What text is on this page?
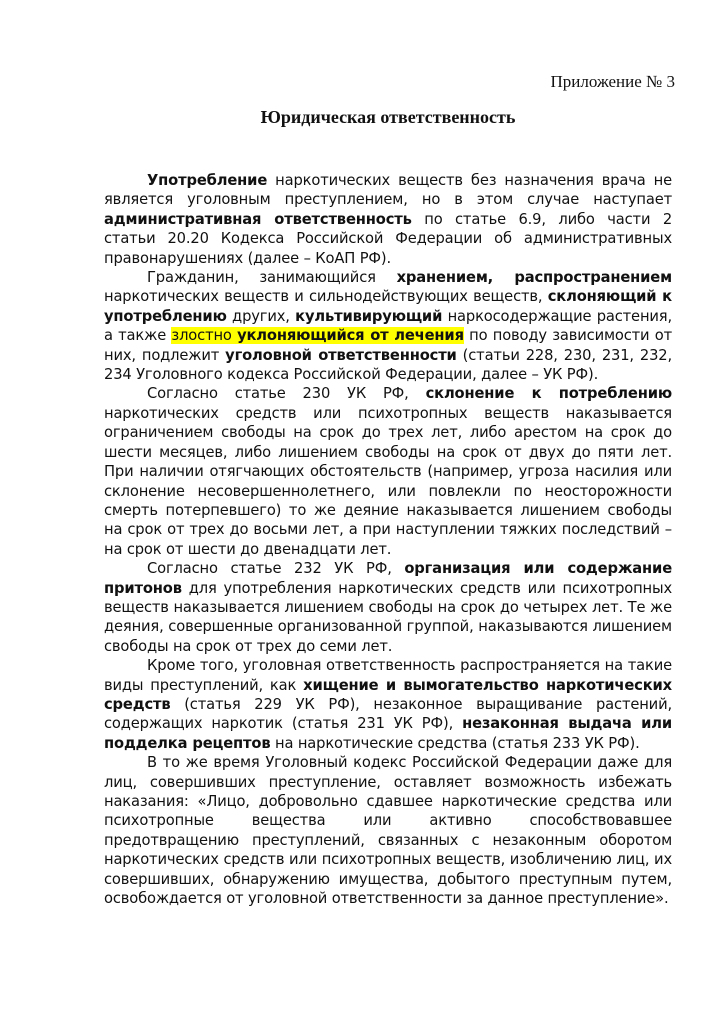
Приложение № 3
Юридическая ответственность

Употребление наркотических веществ без назначения врача не является уголовным преступлением, но в этом случае наступает административная ответственность по статье 6.9, либо части 2 статьи 20.20 Кодекса Российской Федерации об административных правонарушениях (далее – КоАП РФ).

Гражданин, занимающийся хранением, распространением наркотических веществ и сильнодействующих веществ, склоняющий к употреблению других, культивирующий наркосодержащие растения, а также злостно уклоняющийся от лечения по поводу зависимости от них, подлежит уголовной ответственности (статьи 228, 230, 231, 232, 234 Уголовного кодекса Российской Федерации, далее – УК РФ).

Согласно статье 230 УК РФ, склонение к потреблению наркотических средств или психотропных веществ наказывается ограничением свободы на срок до трех лет, либо арестом на срок до шести месяцев, либо лишением свободы на срок от двух до пяти лет. При наличии отягчающих обстоятельств (например, угроза насилия или склонение несовершеннолетнего, или повлекли по неосторожности смерть потерпевшего) то же деяние наказывается лишением свободы на срок от трех до восьми лет, а при наступлении тяжких последствий – на срок от шести до двенадцати лет.

Согласно статье 232 УК РФ, организация или содержание притонов для употребления наркотических средств или психотропных веществ наказывается лишением свободы на срок до четырех лет. Те же деяния, совершенные организованной группой, наказываются лишением свободы на срок от трех до семи лет.

Кроме того, уголовная ответственность распространяется на такие виды преступлений, как хищение и вымогательство наркотических средств (статья 229 УК РФ), незаконное выращивание растений, содержащих наркотик (статья 231 УК РФ), незаконная выдача или подделка рецептов на наркотические средства (статья 233 УК РФ).

В то же время Уголовный кодекс Российской Федерации даже для лиц, совершивших преступление, оставляет возможность избежать наказания: «Лицо, добровольно сдавшее наркотические средства или психотропные вещества или активно способствовавшее предотвращению преступлений, связанных с незаконным оборотом наркотических средств или психотропных веществ, изобличению лиц, их совершивших, обнаружению имущества, добытого преступным путем, освобождается от уголовной ответственности за данное преступление».
